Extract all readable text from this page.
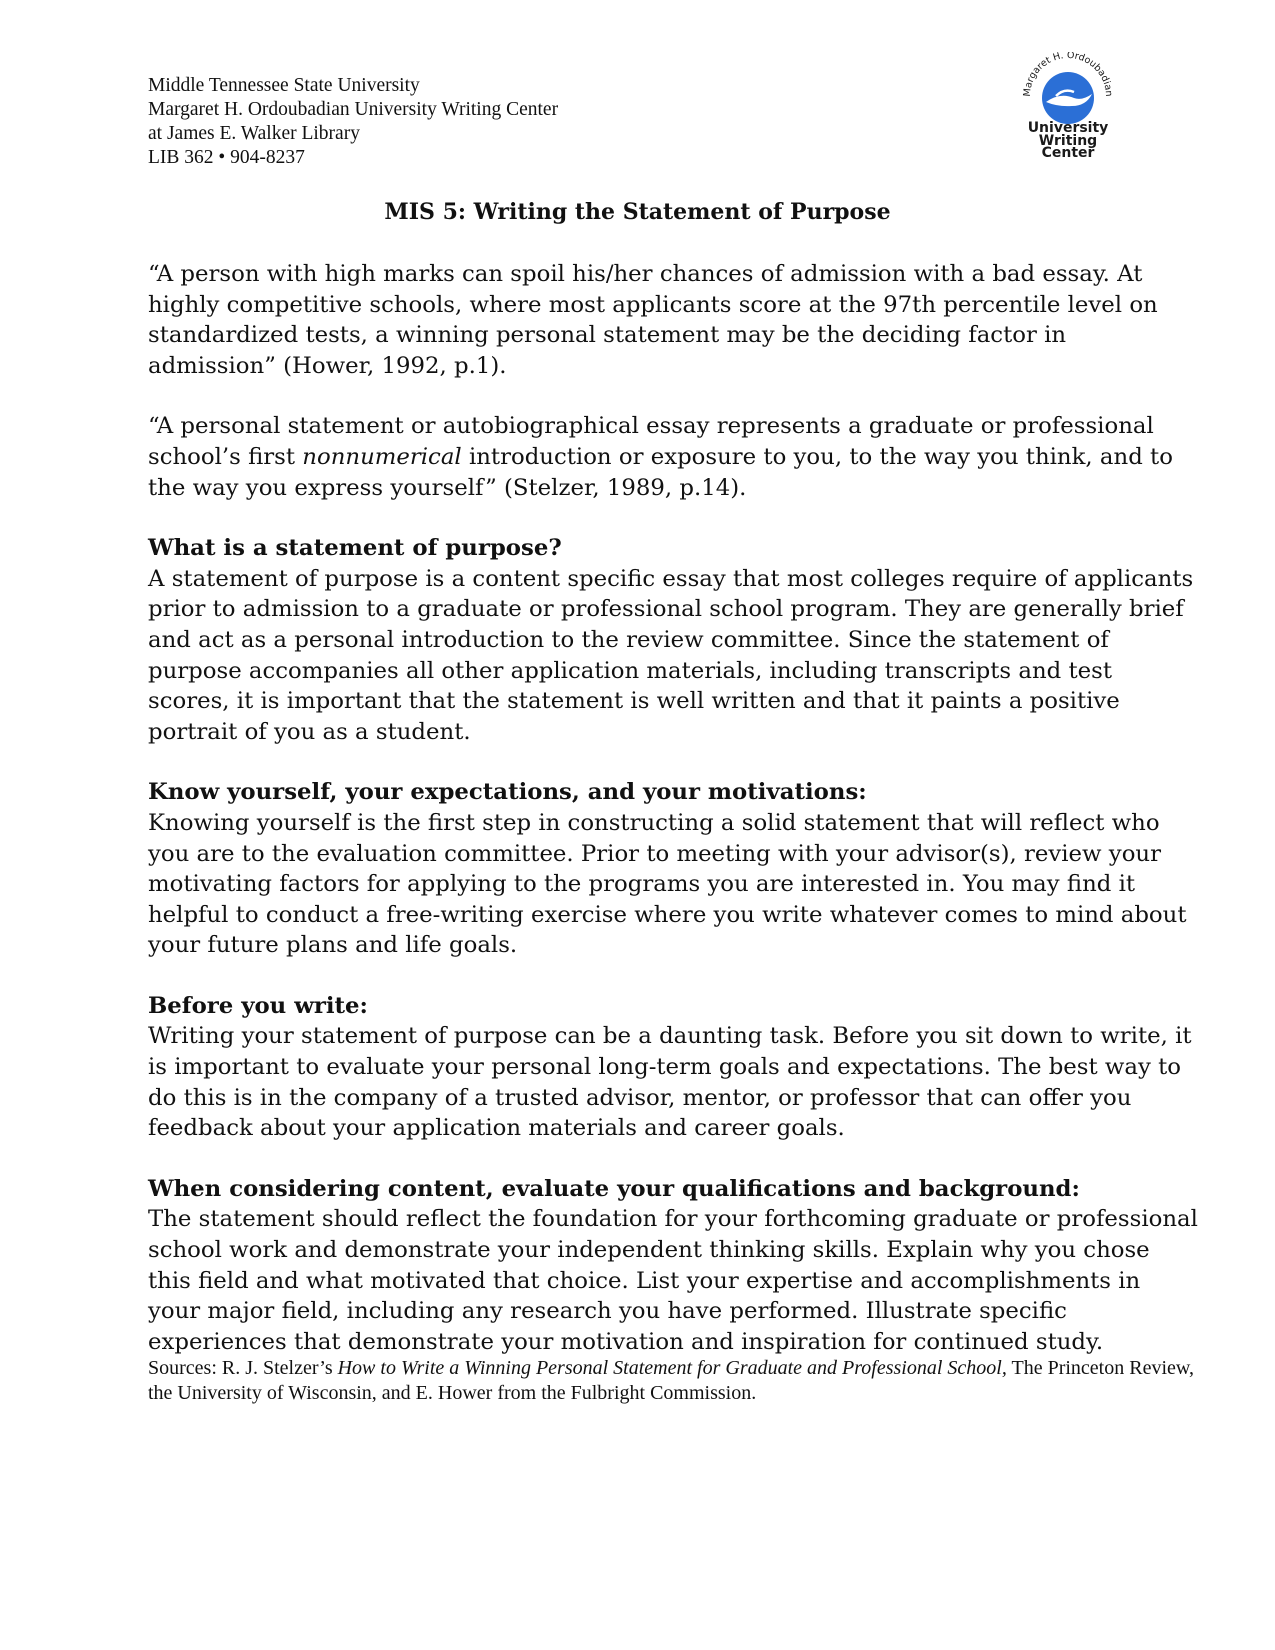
Middle Tennessee State University
Margaret H. Ordoubadian University Writing Center
at James E. Walker Library
LIB 362 • 904-8237
Margaret H. Ordoubadian
University
Writing
Center
MIS 5: Writing the Statement of Purpose

“A person with high marks can spoil his/her chances of admission with a bad essay. At highly competitive schools, where most applicants score at the 97th percentile level on standardized tests, a winning personal statement may be the deciding factor in admission” (Hower, 1992, p.1).

“A personal statement or autobiographical essay represents a graduate or professional school’s first nonnumerical introduction or exposure to you, to the way you think, and to the way you express yourself” (Stelzer, 1989, p.14).

What is a statement of purpose?
A statement of purpose is a content specific essay that most colleges require of applicants prior to admission to a graduate or professional school program. They are generally brief and act as a personal introduction to the review committee. Since the statement of purpose accompanies all other application materials, including transcripts and test scores, it is important that the statement is well written and that it paints a positive portrait of you as a student.
Know yourself, your expectations, and your motivations:
Knowing yourself is the first step in constructing a solid statement that will reflect who you are to the evaluation committee. Prior to meeting with your advisor(s), review your motivating factors for applying to the programs you are interested in. You may find it helpful to conduct a free-writing exercise where you write whatever comes to mind about your future plans and life goals.
Before you write:
Writing your statement of purpose can be a daunting task. Before you sit down to write, it is important to evaluate your personal long-term goals and expectations. The best way to do this is in the company of a trusted advisor, mentor, or professor that can offer you feedback about your application materials and career goals.
When considering content, evaluate your qualifications and background:
The statement should reflect the foundation for your forthcoming graduate or professional school work and demonstrate your independent thinking skills. Explain why you chose this field and what motivated that choice. List your expertise and accomplishments in your major field, including any research you have performed. Illustrate specific experiences that demonstrate your motivation and inspiration for continued study.
Sources: R. J. Stelzer’s How to Write a Winning Personal Statement for Graduate and Professional School, The Princeton Review, the University of Wisconsin, and E. Hower from the Fulbright Commission.
